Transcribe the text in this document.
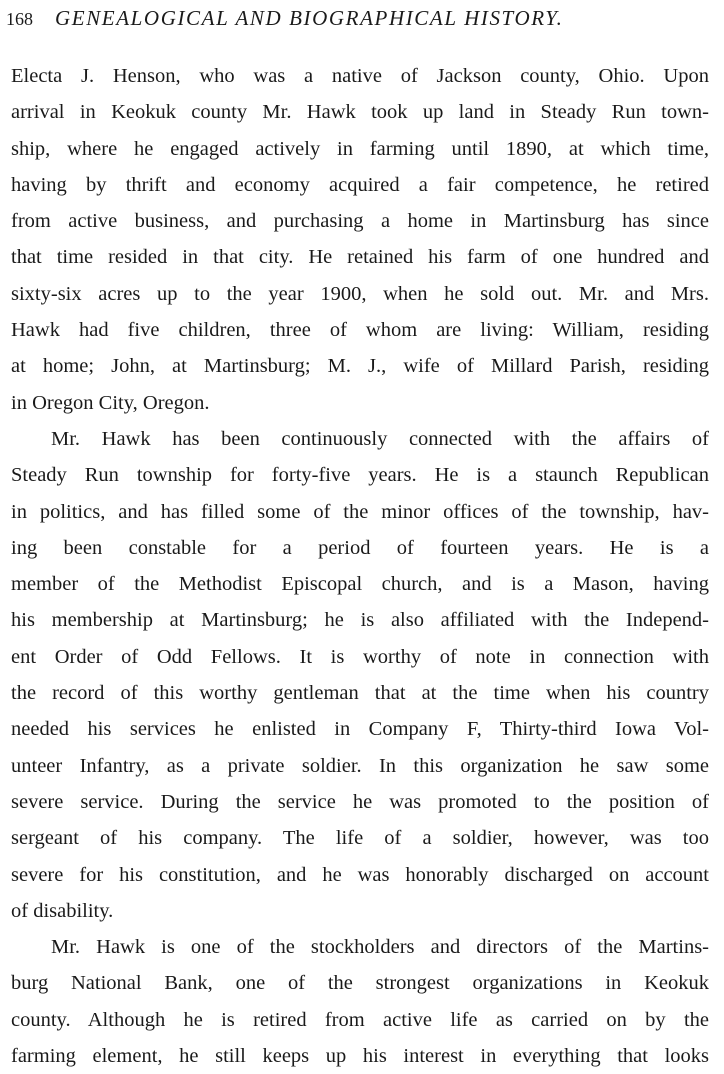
168 GENEALOGICAL AND BIOGRAPHICAL HISTORY.
Electa J. Henson, who was a native of Jackson county, Ohio. Upon
arrival in Keokuk county Mr. Hawk took up land in Steady Run town-
ship, where he engaged actively in farming until 1890, at which time,
having by thrift and economy acquired a fair competence, he retired
from active business, and purchasing a home in Martinsburg has since
that time resided in that city. He retained his farm of one hundred and
sixty-six acres up to the year 1900, when he sold out. Mr. and Mrs.
Hawk had five children, three of whom are living: William, residing
at home; John, at Martinsburg; M. J., wife of Millard Parish, residing
in Oregon City, Oregon.
Mr. Hawk has been continuously connected with the affairs of
Steady Run township for forty-five years. He is a staunch Republican
in politics, and has filled some of the minor offices of the township, hav-
ing been constable for a period of fourteen years. He is a
member of the Methodist Episcopal church, and is a Mason, having
his membership at Martinsburg; he is also affiliated with the Independ-
ent Order of Odd Fellows. It is worthy of note in connection with
the record of this worthy gentleman that at the time when his country
needed his services he enlisted in Company F, Thirty-third Iowa Vol-
unteer Infantry, as a private soldier. In this organization he saw some
severe service. During the service he was promoted to the position of
sergeant of his company. The life of a soldier, however, was too
severe for his constitution, and he was honorably discharged on account
of disability.
Mr. Hawk is one of the stockholders and directors of the Martins-
burg National Bank, one of the strongest organizations in Keokuk
county. Although he is retired from active life as carried on by the
farming element, he still keeps up his interest in everything that looks
